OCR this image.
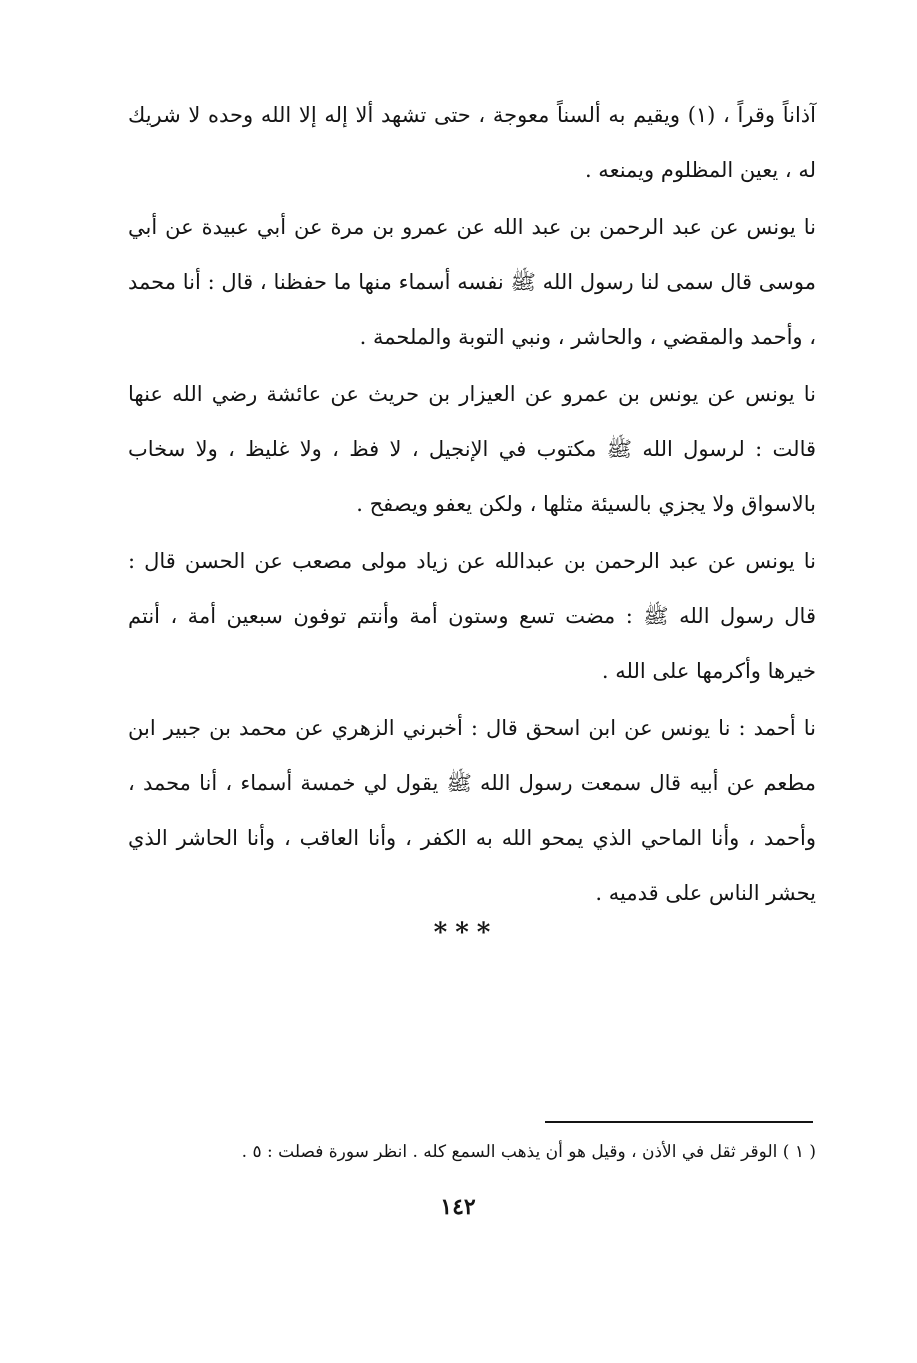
آذاناً وقراً ، (١) ويقيم به ألسناً معوجة ، حتى تشهد ألا إله إلا الله وحده لا شريك له ، يعين المظلوم ويمنعه .

نا يونس عن عبد الرحمن بن عبد الله عن عمرو بن مرة عن أبي عبيدة عن أبي موسى قال سمى لنا رسول الله ﷺ نفسه أسماء منها ما حفظنا ، قال : أنا محمد ، وأحمد والمقضي ، والحاشر ، ونبي التوبة والملحمة .

نا يونس عن يونس بن عمرو عن العيزار بن حريث عن عائشة رضي الله عنها قالت : لرسول الله ﷺ مكتوب في الإنجيل ، لا فظ ، ولا غليظ ، ولا سخاب بالاسواق ولا يجزي بالسيئة مثلها ، ولكن يعفو ويصفح .

نا يونس عن عبد الرحمن بن عبدالله عن زياد مولى مصعب عن الحسن قال : قال رسول الله ﷺ : مضت تسع وستون أمة وأنتم توفون سبعين أمة ، أنتم خيرها وأكرمها على الله .

نا أحمد : نا يونس عن ابن اسحق قال : أخبرني الزهري عن محمد بن جبير ابن مطعم عن أبيه قال سمعت رسول الله ﷺ يقول لي خمسة أسماء ، أنا محمد ، وأحمد ، وأنا الماحي الذي يمحو الله به الكفر ، وأنا العاقب ، وأنا الحاشر الذي يحشر الناس على قدميه .

***
( ١ ) الوقر ثقل في الأذن ، وقيل هو أن يذهب السمع كله . انظر سورة فصلت : ٥ .
١٤٢
